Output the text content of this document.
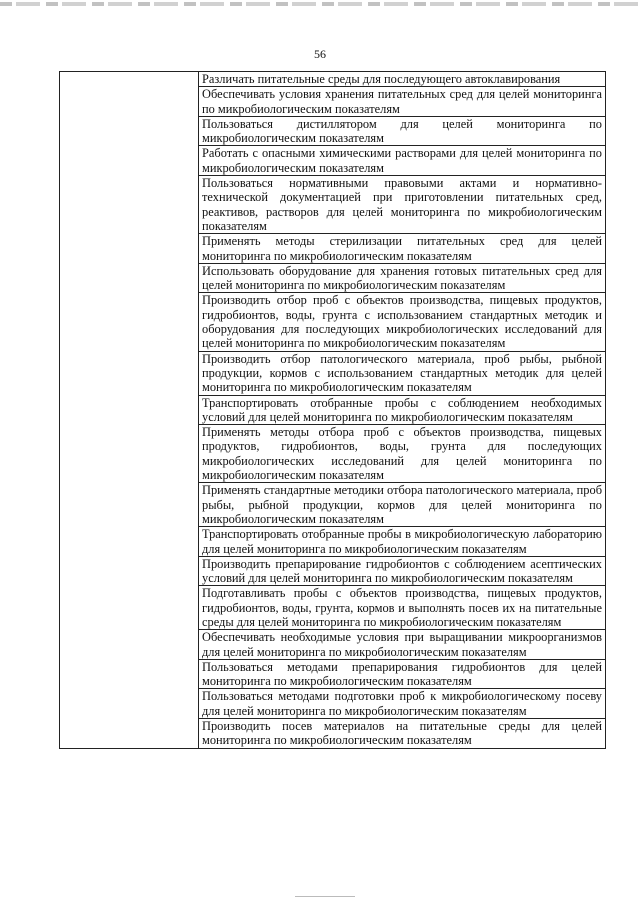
56

Различать питательные среды для последующего автоклавирования

Обеспечивать условия хранения питательных сред для целей мониторинга по микробиологическим показателям

Пользоваться дистиллятором для целей мониторинга по микробиологическим показателям

Работать с опасными химическими растворами для целей мониторинга по микробиологическим показателям

Пользоваться нормативными правовыми актами и нормативно-технической документацией при приготовлении питательных сред, реактивов, растворов для целей мониторинга по микробиологическим показателям

Применять методы стерилизации питательных сред для целей мониторинга по микробиологическим показателям

Использовать оборудование для хранения готовых питательных сред для целей мониторинга по микробиологическим показателям

Производить отбор проб с объектов производства, пищевых продуктов, гидробионтов, воды, грунта с использованием стандартных методик и оборудования для последующих микробиологических исследований для целей мониторинга по микробиологическим показателям

Производить отбор патологического материала, проб рыбы, рыбной продукции, кормов с использованием стандартных методик для целей мониторинга по микробиологическим показателям

Транспортировать отобранные пробы с соблюдением необходимых условий для целей мониторинга по микробиологическим показателям

Применять методы отбора проб с объектов производства, пищевых продуктов, гидробионтов, воды, грунта для последующих микробиологических исследований для целей мониторинга по микробиологическим показателям

Применять стандартные методики отбора патологического материала, проб рыбы, рыбной продукции, кормов для целей мониторинга по микробиологическим показателям

Транспортировать отобранные пробы в микробиологическую лабораторию для целей мониторинга по микробиологическим показателям

Производить препарирование гидробионтов с соблюдением асептических условий для целей мониторинга по микробиологическим показателям

Подготавливать пробы с объектов производства, пищевых продуктов, гидробионтов, воды, грунта, кормов и выполнять посев их на питательные среды для целей мониторинга по микробиологическим показателям

Обеспечивать необходимые условия при выращивании микроорганизмов для целей мониторинга по микробиологическим показателям

Пользоваться методами препарирования гидробионтов для целей мониторинга по микробиологическим показателям

Пользоваться методами подготовки проб к микробиологическому посеву для целей мониторинга по микробиологическим показателям

Производить посев материалов на питательные среды для целей мониторинга по микробиологическим показателям
